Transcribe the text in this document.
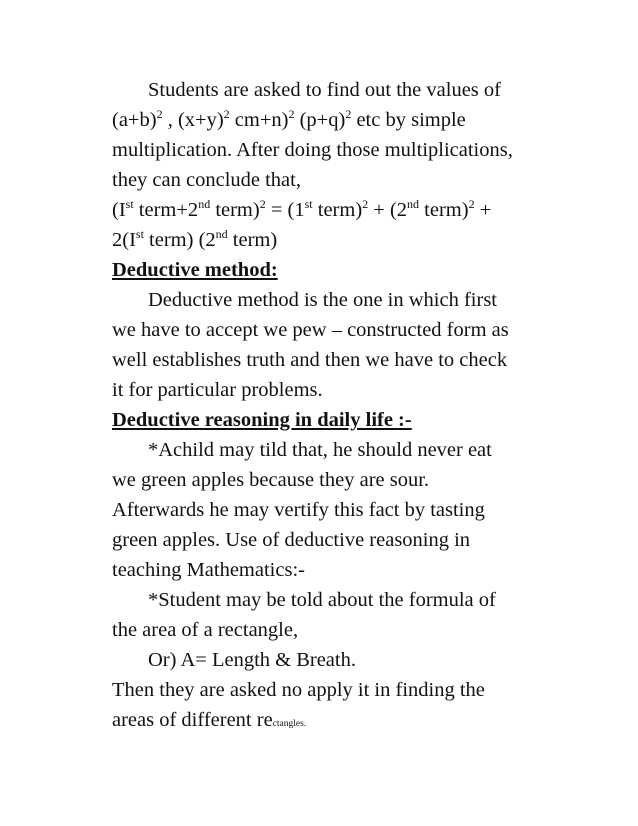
Students are asked to find out the values of
$(a+b)^2$ , $(x+y)^2$ cm+n)$^2$ $(p+q)^2$ etc by simple
multiplication. After doing those multiplications,
they can conclude that,
(Ist term+2nd term)$^2$ = (1st term)$^2$ + (2nd term)$^2$ +
2(Ist term) (2nd term)
Deductive method:
Deductive method is the one in which first
we have to accept we pew – constructed form as
well establishes truth and then we have to check
it for particular problems.
Deductive reasoning in daily life :-
*Achild may tild that, he should never eat
we green apples because they are sour.
Afterwards he may vertify this fact by tasting
green apples. Use of deductive reasoning in
teaching Mathematics:-
*Student may be told about the formula of
the area of a rectangle,
Or) A= Length & Breath.
Then they are asked no apply it in finding the
areas of different rectangles.
